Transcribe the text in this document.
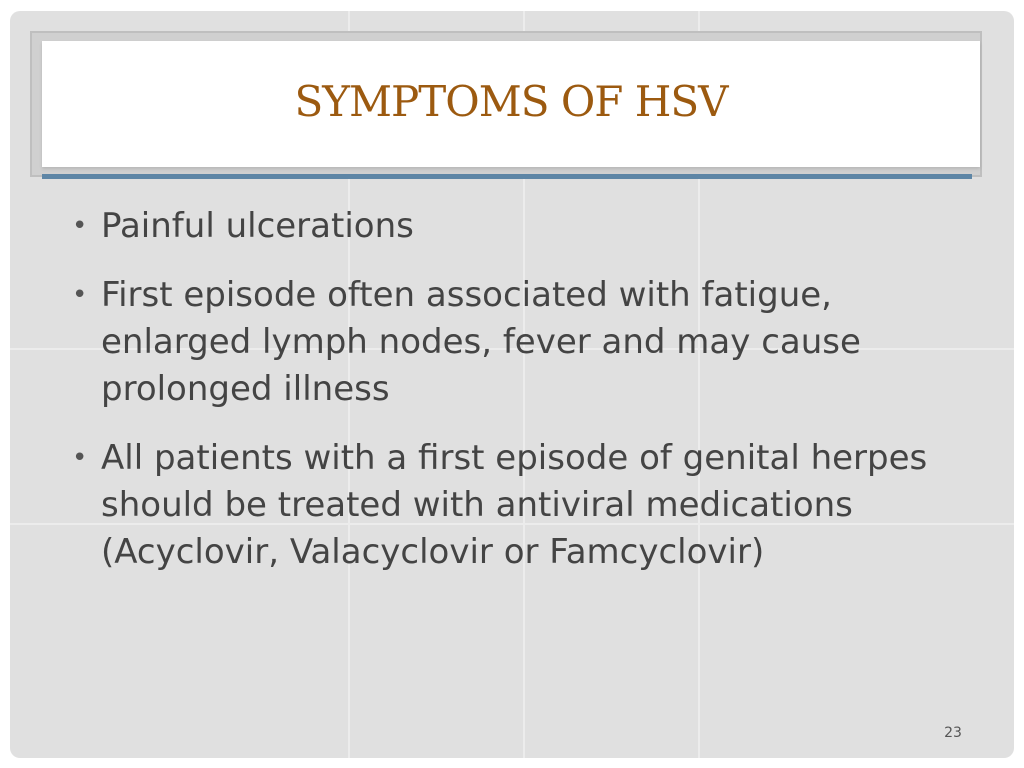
SYMPTOMS OF HSV
• Painful ulcerations
• First episode often associated with fatigue, enlarged lymph nodes, fever and may cause prolonged illness
• All patients with a first episode of genital herpes should be treated with antiviral medications (Acyclovir, Valacyclovir or Famcyclovir)
23
